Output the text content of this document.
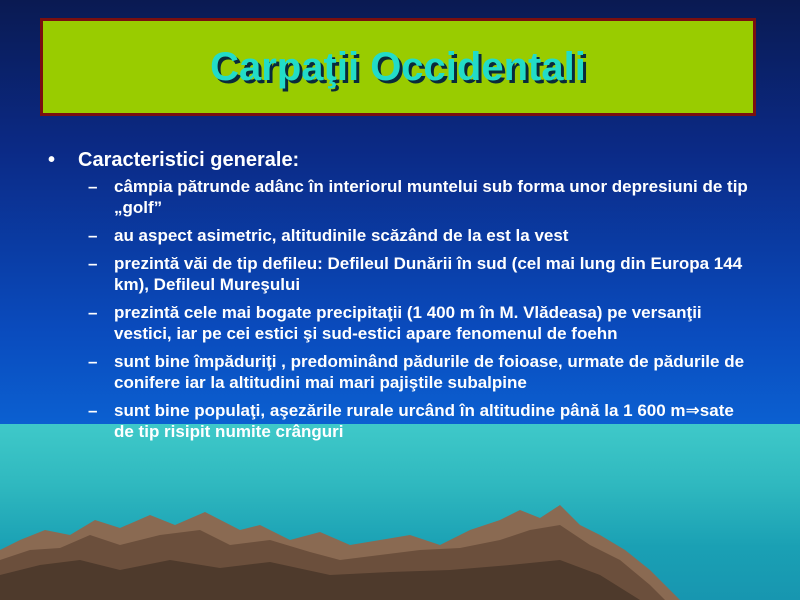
Carpaţii Occidentali
•	Caracteristici generale:
– câmpia pătrunde adânc în interiorul muntelui sub forma unor depresiuni de tip „golf”
– au aspect asimetric, altitudinile scăzând de la est la vest
– prezintă văi de tip defileu: Defileul Dunării în sud (cel mai lung din Europa 144 km), Defileul Mureşului
– prezintă cele mai bogate precipitaţii (1 400 m în M. Vlădeasa) pe versanţii vestici, iar pe cei estici şi sud-estici apare fenomenul de foehn
– sunt bine împăduriţi , predominând pădurile de foioase, urmate de pădurile de conifere iar la altitudini mai mari pajiştile subalpine
– sunt bine populaţi, aşezările rurale urcând în altitudine până la 1 600 m⇒sate de tip risipit numite crânguri
